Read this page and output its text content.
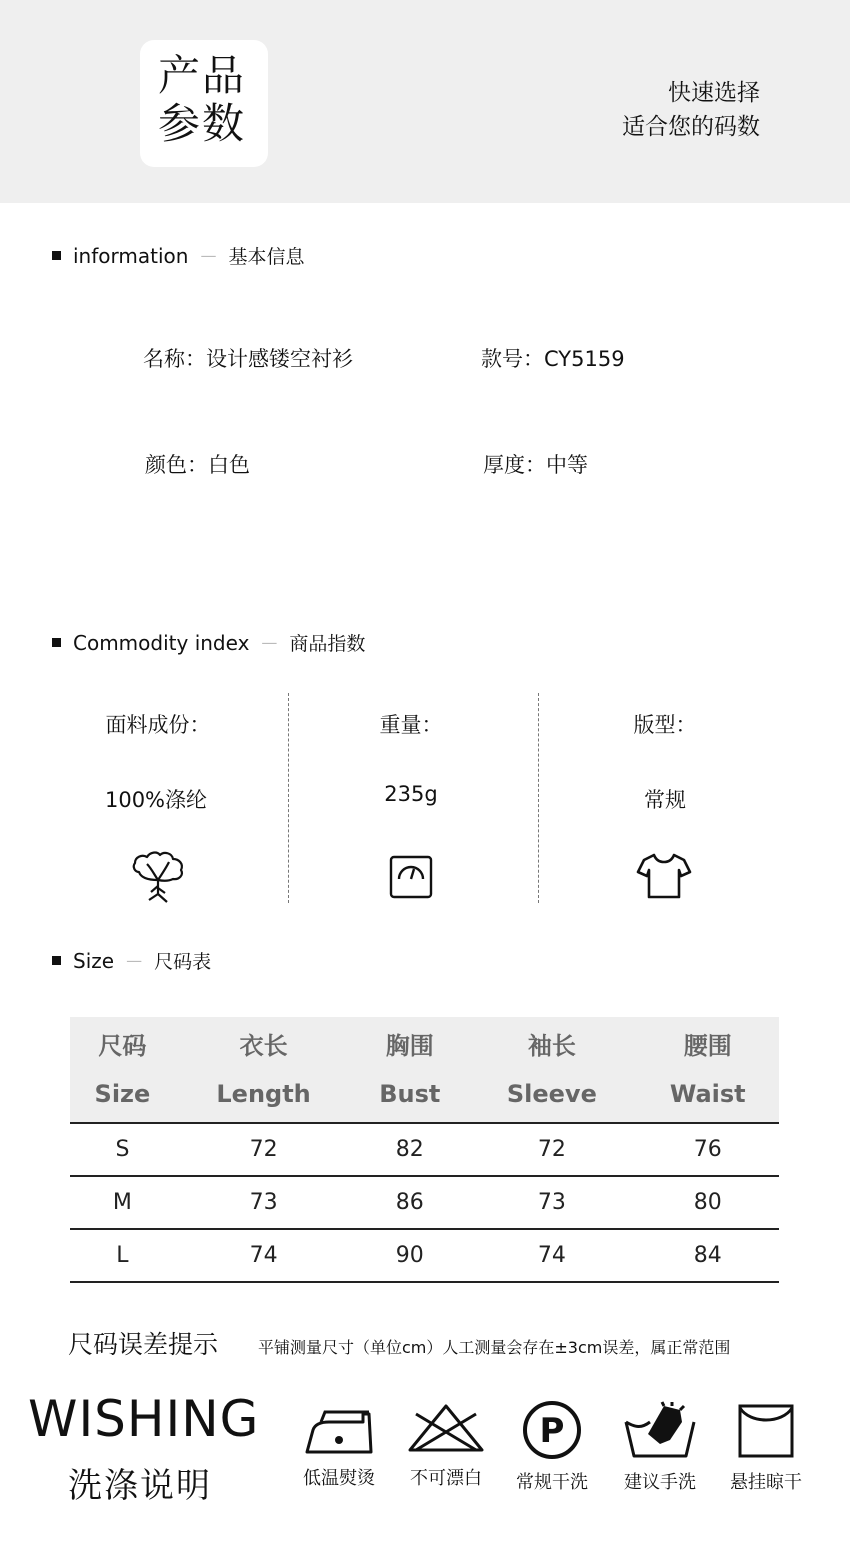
产品
参数
快速选择
适合您的码数
information — 基本信息
名称：设计感镂空衬衫	款号：CY5159
颜色：白色	厚度：中等
Commodity index — 商品指数
面料成份：	重量：	版型：
100%涤纶	235g	常规
Size — 尺码表
尺码	衣长	胸围	袖长	腰围
Size	Length	Bust	Sleeve	Waist
S	72	82	72	76
M	73	86	73	80
L	74	90	74	84
尺码误差提示 平铺测量尺寸（单位cm）人工测量会存在±3cm误差，属正常范围
WISHING
洗涤说明	低温熨烫	不可漂白
P
常规干洗	建议手洗	悬挂晾干
